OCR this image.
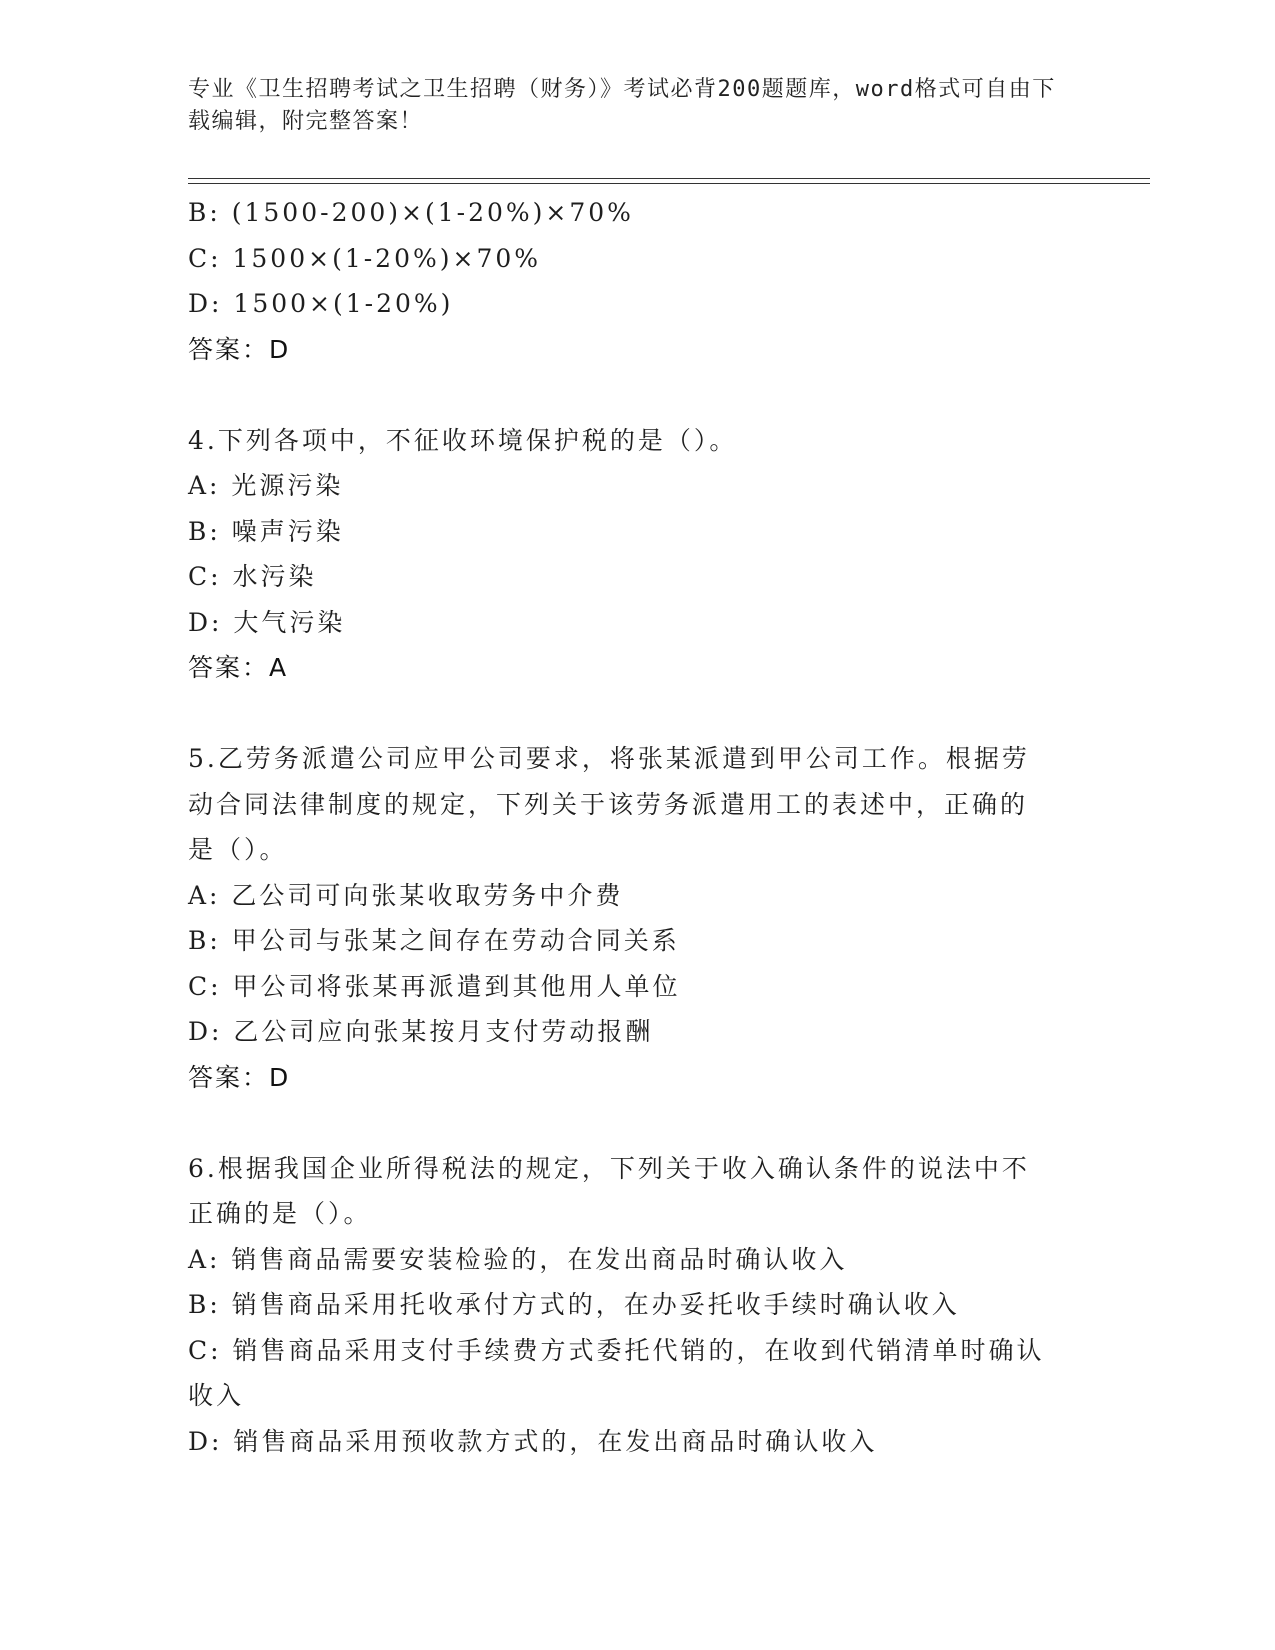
专业《卫生招聘考试之卫生招聘（财务）》考试必背200题题库，word格式可自由下载编辑，附完整答案！
B: (1500-200)×(1-20%)×70%
C: 1500×(1-20%)×70%
D: 1500×(1-20%)
答案：D
4.下列各项中，不征收环境保护税的是（）。
A: 光源污染
B: 噪声污染
C: 水污染
D: 大气污染
答案：A
5.乙劳务派遣公司应甲公司要求，将张某派遣到甲公司工作。根据劳动合同法律制度的规定，下列关于该劳务派遣用工的表述中，正确的是（）。
A: 乙公司可向张某收取劳务中介费
B: 甲公司与张某之间存在劳动合同关系
C: 甲公司将张某再派遣到其他用人单位
D: 乙公司应向张某按月支付劳动报酬
答案：D
6.根据我国企业所得税法的规定，下列关于收入确认条件的说法中不正确的是（）。
A: 销售商品需要安装检验的，在发出商品时确认收入
B: 销售商品采用托收承付方式的，在办妥托收手续时确认收入
C: 销售商品采用支付手续费方式委托代销的，在收到代销清单时确认收入
D: 销售商品采用预收款方式的，在发出商品时确认收入
